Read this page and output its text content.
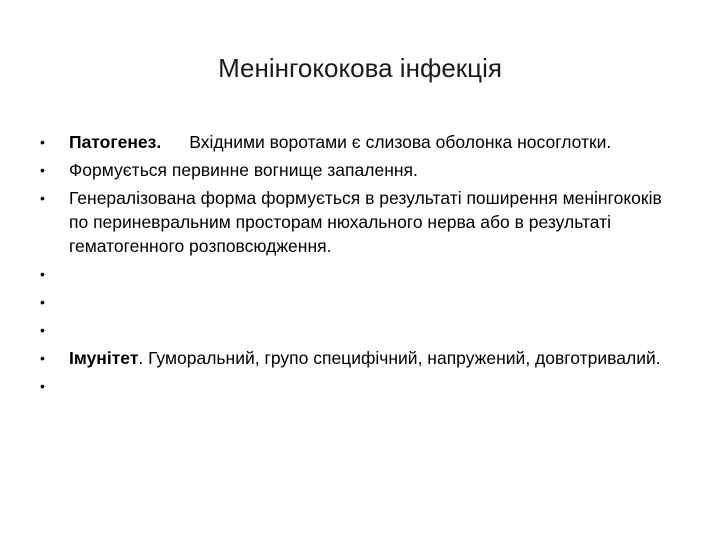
Менінгококова інфекція
• Патогенез. Вхідними воротами є слизова оболонка носоглотки.
• Формується первинне вогнище запалення.
• Генералізована форма формується в результаті поширення менінгококів по периневральним просторам нюхального нерва або в результаті гематогенного розповсюдження.
•
•
•
• Імунітет. Гуморальний, групо специфічний, напружений, довготривалий.
•
